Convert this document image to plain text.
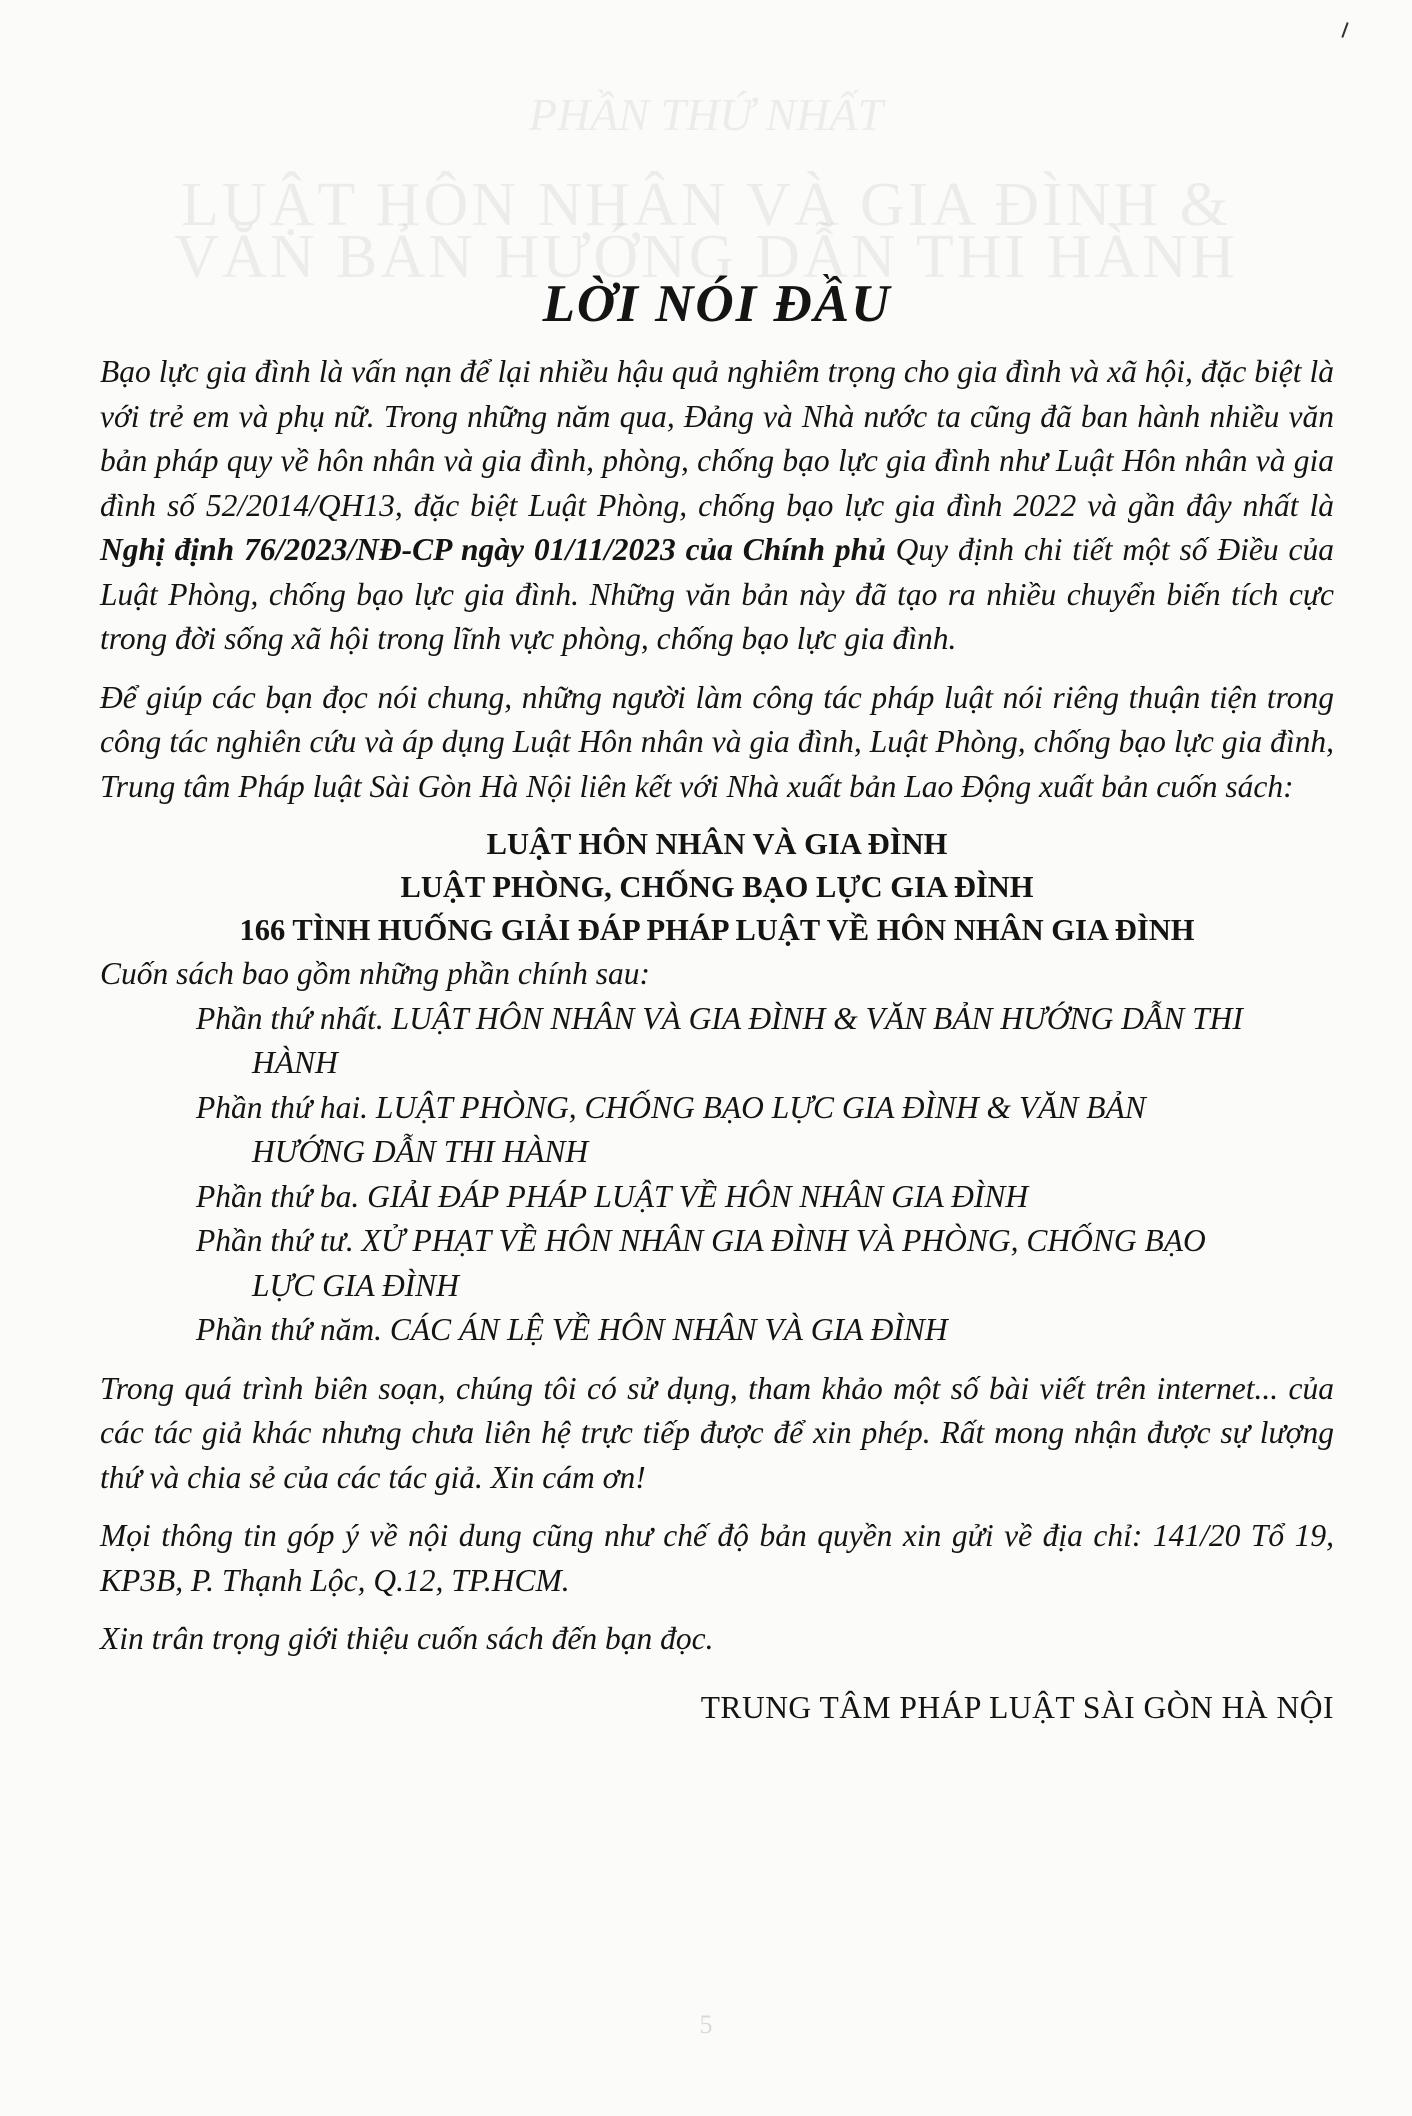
PHẦN THỨ NHẤT
LUẬT HÔN NHÂN VÀ GIA ĐÌNH &
VĂN BẢN HƯỚNG DẪN THI HÀNH
LỜI NÓI ĐẦU

Bạo lực gia đình là vấn nạn để lại nhiều hậu quả nghiêm trọng cho gia đình và xã hội, đặc biệt là với trẻ em và phụ nữ. Trong những năm qua, Đảng và Nhà nước ta cũng đã ban hành nhiều văn bản pháp quy về hôn nhân và gia đình, phòng, chống bạo lực gia đình như Luật Hôn nhân và gia đình số 52/2014/QH13, đặc biệt Luật Phòng, chống bạo lực gia đình 2022 và gần đây nhất là Nghị định 76/2023/NĐ-CP ngày 01/11/2023 của Chính phủ Quy định chi tiết một số Điều của Luật Phòng, chống bạo lực gia đình. Những văn bản này đã tạo ra nhiều chuyển biến tích cực trong đời sống xã hội trong lĩnh vực phòng, chống bạo lực gia đình.

Để giúp các bạn đọc nói chung, những người làm công tác pháp luật nói riêng thuận tiện trong công tác nghiên cứu và áp dụng Luật Hôn nhân và gia đình, Luật Phòng, chống bạo lực gia đình, Trung tâm Pháp luật Sài Gòn Hà Nội liên kết với Nhà xuất bản Lao Động xuất bản cuốn sách:

LUẬT HÔN NHÂN VÀ GIA ĐÌNH
LUẬT PHÒNG, CHỐNG BẠO LỰC GIA ĐÌNH
166 TÌNH HUỐNG GIẢI ĐÁP PHÁP LUẬT VỀ HÔN NHÂN GIA ĐÌNH

Cuốn sách bao gồm những phần chính sau:

Phần thứ nhất. LUẬT HÔN NHÂN VÀ GIA ĐÌNH & VĂN BẢN HƯỚNG DẪN THI
HÀNH
Phần thứ hai. LUẬT PHÒNG, CHỐNG BẠO LỰC GIA ĐÌNH & VĂN BẢN
HƯỚNG DẪN THI HÀNH
Phần thứ ba. GIẢI ĐÁP PHÁP LUẬT VỀ HÔN NHÂN GIA ĐÌNH
Phần thứ tư. XỬ PHẠT VỀ HÔN NHÂN GIA ĐÌNH VÀ PHÒNG, CHỐNG BẠO
LỰC GIA ĐÌNH
Phần thứ năm. CÁC ÁN LỆ VỀ HÔN NHÂN VÀ GIA ĐÌNH

Trong quá trình biên soạn, chúng tôi có sử dụng, tham khảo một số bài viết trên internet... của các tác giả khác nhưng chưa liên hệ trực tiếp được để xin phép. Rất mong nhận được sự lượng thứ và chia sẻ của các tác giả. Xin cám ơn!

Mọi thông tin góp ý về nội dung cũng như chế độ bản quyền xin gửi về địa chỉ: 141/20 Tổ 19, KP3B, P. Thạnh Lộc, Q.12, TP.HCM.

Xin trân trọng giới thiệu cuốn sách đến bạn đọc.

TRUNG TÂM PHÁP LUẬT SÀI GÒN HÀ NỘI
5
